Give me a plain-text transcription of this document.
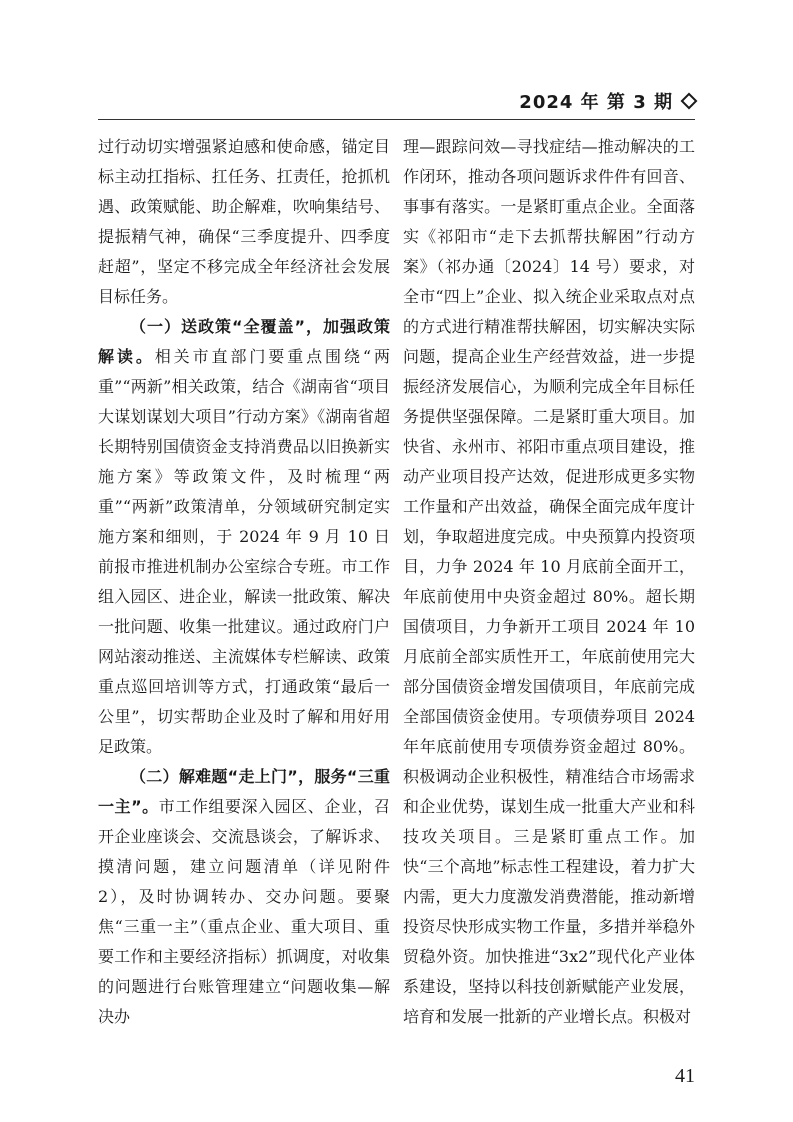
2024 年 第 3 期

过行动切实增强紧迫感和使命感，锚定目标主动扛指标、扛任务、扛责任，抢抓机遇、政策赋能、助企解难，吹响集结号、提振精气神，确保“三季度提升、四季度赶超”，坚定不移完成全年经济社会发展目标任务。

（一）送政策“全覆盖”，加强政策解读。相关市直部门要重点围绕“两重”“两新”相关政策，结合《湖南省“项目大谋划谋划大项目”行动方案》《湖南省超长期特别国债资金支持消费品以旧换新实施方案》等政策文件，及时梳理“两重”“两新”政策清单，分领域研究制定实施方案和细则，于 2024 年 9 月 10 日前报市推进机制办公室综合专班。市工作组入园区、进企业，解读一批政策、解决一批问题、收集一批建议。通过政府门户网站滚动推送、主流媒体专栏解读、政策重点巡回培训等方式，打通政策“最后一公里”，切实帮助企业及时了解和用好用足政策。

（二）解难题“走上门”，服务“三重一主”。市工作组要深入园区、企业，召开企业座谈会、交流恳谈会，了解诉求、摸清问题，建立问题清单（详见附件 2），及时协调转办、交办问题。要聚焦“三重一主”（重点企业、重大项目、重要工作和主要经济指标）抓调度，对收集的问题进行台账管理建立“问题收集—解决办

理—跟踪问效—寻找症结—推动解决的工作闭环，推动各项问题诉求件件有回音、事事有落实。一是紧盯重点企业。全面落实《祁阳市“走下去抓帮扶解困”行动方案》（祁办通〔2024〕14 号）要求，对全市“四上”企业、拟入统企业采取点对点的方式进行精准帮扶解困，切实解决实际问题，提高企业生产经营效益，进一步提振经济发展信心，为顺利完成全年目标任务提供坚强保障。二是紧盯重大项目。加快省、永州市、祁阳市重点项目建设，推动产业项目投产达效，促进形成更多实物工作量和产出效益，确保全面完成年度计划，争取超进度完成。中央预算内投资项目，力争 2024 年 10 月底前全面开工，年底前使用中央资金超过 80%。超长期国债项目，力争新开工项目 2024 年 10 月底前全部实质性开工，年底前使用完大部分国债资金增发国债项目，年底前完成全部国债资金使用。专项债券项目 2024 年年底前使用专项债券资金超过 80%。积极调动企业积极性，精准结合市场需求和企业优势，谋划生成一批重大产业和科技攻关项目。三是紧盯重点工作。加快“三个高地”标志性工程建设，着力扩大内需，更大力度激发消费潜能，推动新增投资尽快形成实物工作量，多措并举稳外贸稳外资。加快推进“3x2”现代化产业体系建设，坚持以科技创新赋能产业发展，培育和发展一批新的产业增长点。积极对

41
